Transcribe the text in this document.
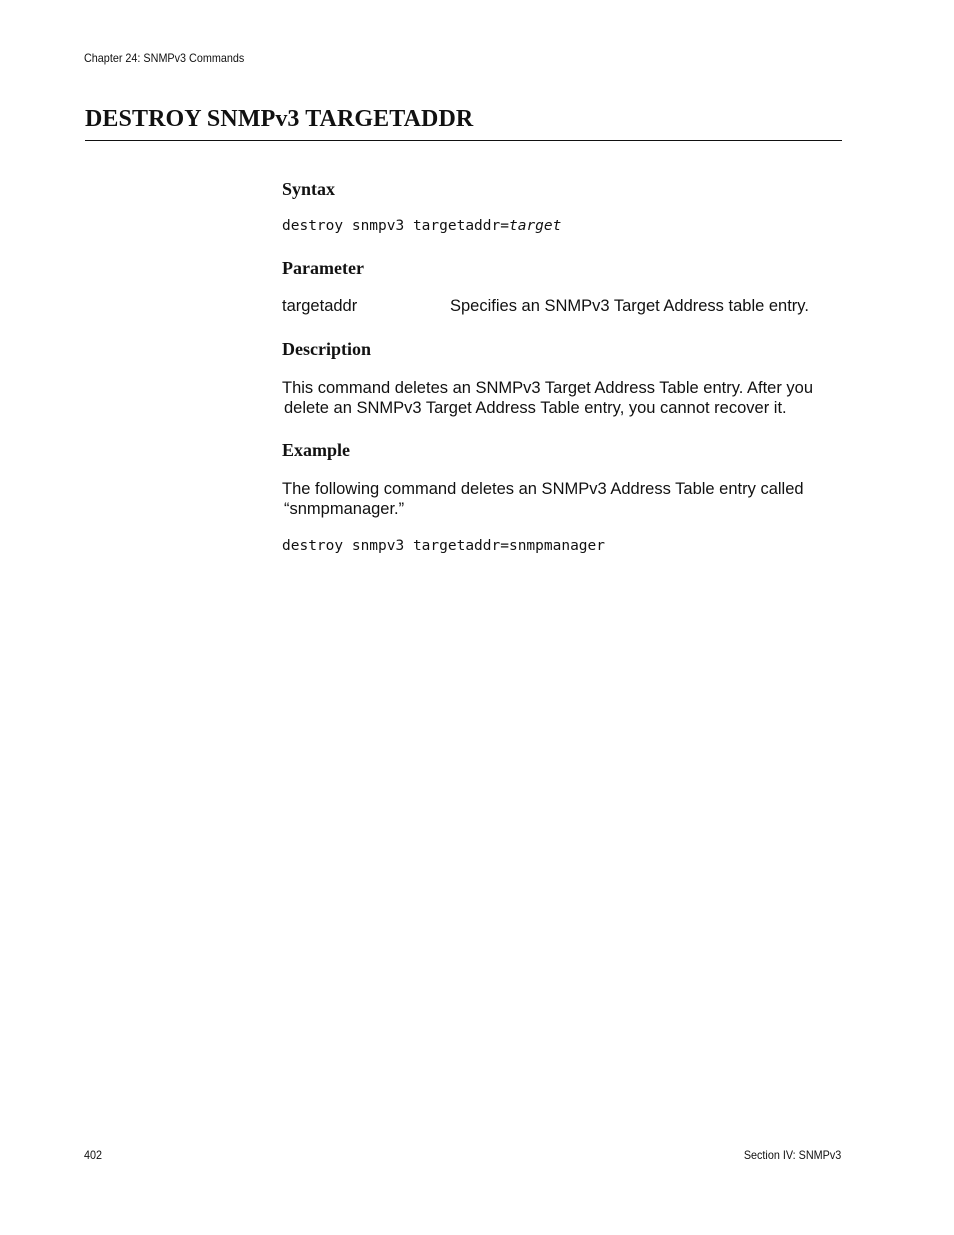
Chapter 24: SNMPv3 Commands
DESTROY SNMPv3 TARGETADDR
Syntax
destroy snmpv3 targetaddr=target
Parameter
targetaddr	Specifies an SNMPv3 Target Address table entry.
Description
This command deletes an SNMPv3 Target Address Table entry. After you
delete an SNMPv3 Target Address Table entry, you cannot recover it.
Example
The following command deletes an SNMPv3 Address Table entry called
“snmpmanager.”
destroy snmpv3 targetaddr=snmpmanager
402	Section IV: SNMPv3
